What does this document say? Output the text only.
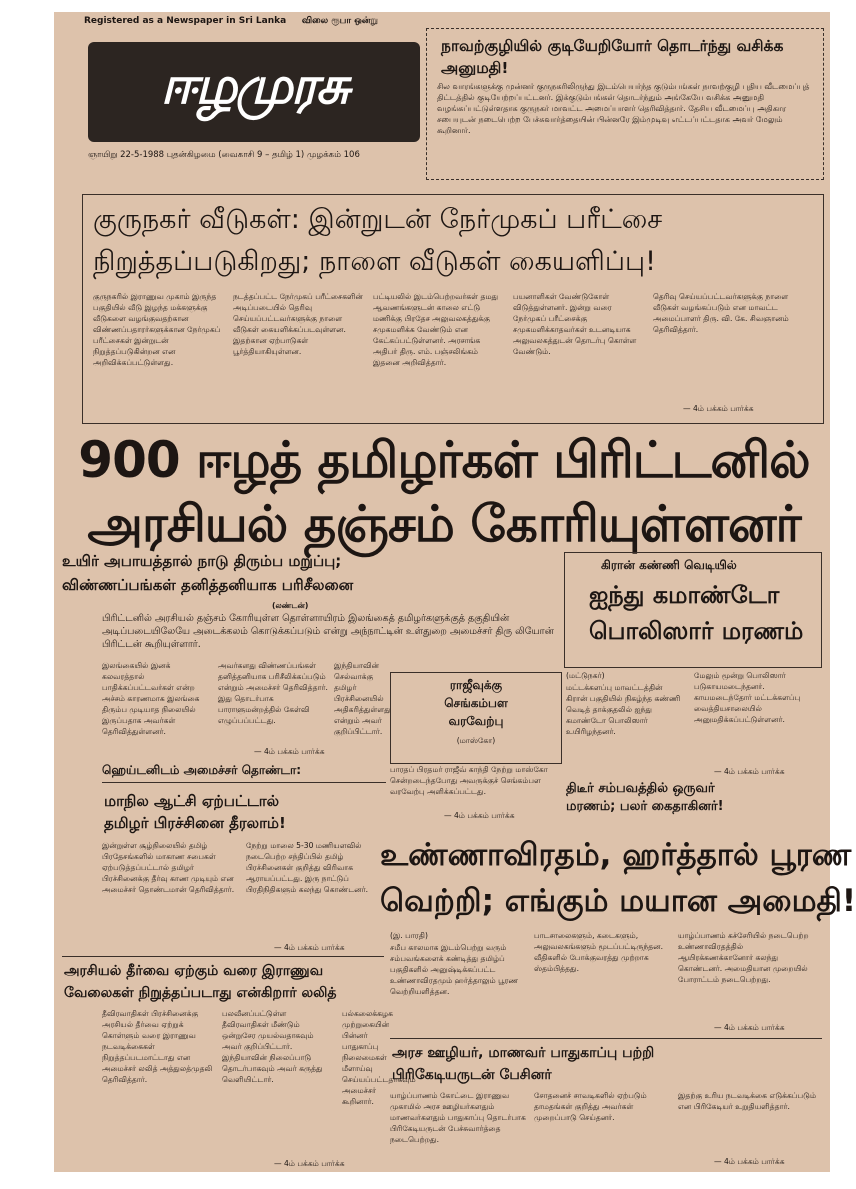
Registered as a Newspaper in Sri Lanka விலை ரூபா ஒன்று
ஈழமுரசு
ஞாயிறு 22-5-1988 புதன்கிழமை (வைகாசி 9 – தமிழ் 1) முழக்கம் 106
நாவற்குழியில் குடியேறியோர் தொடர்ந்து வசிக்க அனுமதி!
சில வாரங்களுக்கு முன்னர் குருநகரிலிருந்து இடம்பெயர்ந்த குடும்பங்கள் நாவற்குழி புதிய வீடமைப்புத் திட்டத்தில் குடியேற்றப்பட்டனர். இக்குடும்பங்கள் தொடர்ந்தும் அங்கேயே வசிக்க அனுமதி வழங்கப்பட்டுள்ளதாக குருநகர் மாவட்ட அமைப்பாளர் தெரிவித்தார். தேசிய வீடமைப்பு அதிகார சபையுடன் நடைபெற்ற பேச்சுவார்த்தையின் பின்னரே இம்முடிவு எட்டப்பட்டதாக அவர் மேலும் கூறினார்.
குருநகர் வீடுகள்: இன்றுடன் நேர்முகப் பரீட்சை
நிறுத்தப்படுகிறது; நாளை வீடுகள் கையளிப்பு!
குருநகரில் இராணுவ முகாம் இருந்த பகுதியில் வீடு இழந்த மக்களுக்கு வீடுகளை வழங்குவதற்கான விண்ணப்பதாரர்களுக்கான நேர்முகப் பரீட்சைகள் இன்றுடன் நிறுத்தப்படுகின்றன என அறிவிக்கப்பட்டுள்ளது.
நடத்தப்பட்ட நேர்முகப் பரீட்சைகளின் அடிப்படையில் தெரிவு செய்யப்பட்டவர்களுக்கு நாளை வீடுகள் கையளிக்கப்படவுள்ளன. இதற்கான ஏற்பாடுகள் பூர்த்தியாகியுள்ளன.
பட்டியலில் இடம்பெற்றவர்கள் தமது ஆவணங்களுடன் காலை எட்டு மணிக்கு பிரதேச அலுவலகத்துக்கு சமுகமளிக்க வேண்டும் என கேட்கப்பட்டுள்ளனர். அரசாங்க அதிபர் திரு. எம். பஞ்சலிங்கம் இதனை அறிவித்தார்.
பயனாளிகள் வேண்டுகோள் விடுத்துள்ளனர். இன்று வரை நேர்முகப் பரீட்சைக்கு சமுகமளிக்காதவர்கள் உடனடியாக அலுவலகத்துடன் தொடர்பு கொள்ள வேண்டும்.
தெரிவு செய்யப்பட்டவர்களுக்கு நாளை வீடுகள் வழங்கப்படும் என மாவட்ட அமைப்பாளர் திரு. வி. கே. சிவஞானம் தெரிவித்தார்.
— 4ம் பக்கம் பார்க்க
900 ஈழத் தமிழர்கள் பிரிட்டனில்
அரசியல் தஞ்சம் கோரியுள்ளனர்
உயிர் அபாயத்தால் நாடு திரும்ப மறுப்பு;
விண்ணப்பங்கள் தனித்தனியாக பரிசீலனை
(லண்டன்)
பிரிட்டனில் அரசியல் தஞ்சம் கோரியுள்ள தொள்ளாயிரம் இலங்கைத் தமிழர்களுக்குத் தகுதியின் அடிப்படையிலேயே அடைக்கலம் கொடுக்கப்படும் என்று அந்நாட்டின் உள்துறை அமைச்சர் திரு லியோன் பிரிட்டன் கூறியுள்ளார்.
இலங்கையில் இனக் கலவரத்தால் பாதிக்கப்பட்டவர்கள் என்ற அச்சம் காரணமாக இலங்கை திரும்ப முடியாத நிலையில் இருப்பதாக அவர்கள் தெரிவித்துள்ளனர்.
அவர்களது விண்ணப்பங்கள் தனித்தனியாக பரிசீலிக்கப்படும் என்றும் அமைச்சர் தெரிவித்தார். இது தொடர்பாக பாராளுமன்றத்தில் கேள்வி எழுப்பப்பட்டது.
இந்தியாவின் செல்வாக்கு தமிழர் பிரச்சினையில் அதிகரித்துள்ளது என்றும் அவர் குறிப்பிட்டார்.
— 4ம் பக்கம் பார்க்க
ஹெய்டனிடம் அமைச்சர் தொண்டா:
மாநில ஆட்சி ஏற்பட்டால்
தமிழர் பிரச்சினை தீரலாம்!
இன்றுள்ள சூழ்நிலையில் தமிழ் பிரதேசங்களில் மாகாண சபைகள் ஏற்படுத்தப்பட்டால் தமிழர் பிரச்சினைக்கு தீர்வு காண முடியும் என அமைச்சர் தொண்டமான் தெரிவித்தார்.
நேற்று மாலை 5-30 மணியளவில் நடைபெற்ற சந்திப்பில் தமிழ் பிரச்சினைகள் குறித்து விரிவாக ஆராயப்பட்டது. இரு நாட்டுப் பிரதிநிதிகளும் கலந்து கொண்டனர்.
— 4ம் பக்கம் பார்க்க
கிரான் கண்ணி வெடியில்
ஐந்து கமாண்டோ
பொலிஸார் மரணம்
(மட்டுநகர்)
மட்டக்களப்பு மாவட்டத்தின் கிரான் பகுதியில் நிகழ்ந்த கண்ணி வெடித் தாக்குதலில் ஐந்து கமாண்டோ பொலிஸார் உயிரிழந்தனர்.
மேலும் மூன்று பொலிஸார் படுகாயமடைந்தனர். காயமடைந்தோர் மட்டக்களப்பு வைத்தியசாலையில் அனுமதிக்கப்பட்டுள்ளனர்.
— 4ம் பக்கம் பார்க்க
ராஜீவுக்கு
செங்கம்பள
வரவேற்பு
(மாஸ்கோ)
பாரதப் பிரதமர் ராஜீவ் காந்தி நேற்று மாஸ்கோ சென்றடைந்தபோது அவருக்குச் செங்கம்பள வரவேற்பு அளிக்கப்பட்டது.
— 4ம் பக்கம் பார்க்க
திடீர் சம்பவத்தில் ஒருவர்
மரணம்; பலர் கைதாகினர்!
உண்ணாவிரதம், ஹர்த்தால் பூரண
வெற்றி; எங்கும் மயான அமைதி!
(இ. பாரதி)
சமீப காலமாக இடம்பெற்று வரும் சம்பவங்களைக் கண்டித்து தமிழ்ப் பகுதிகளில் அனுஷ்டிக்கப்பட்ட உண்ணாவிரதமும் ஹர்த்தாலும் பூரண வெற்றியளித்தன.
பாடசாலைகளும், கடைகளும், அலுவலகங்களும் மூடப்பட்டிருந்தன. வீதிகளில் போக்குவரத்து முற்றாக ஸ்தம்பித்தது.
யாழ்ப்பாணம் கச்சேரியில் நடைபெற்ற உண்ணாவிரதத்தில் ஆயிரக்கணக்கானோர் கலந்து கொண்டனர். அமைதியான முறையில் போராட்டம் நடைபெற்றது.
— 4ம் பக்கம் பார்க்க
அரசியல் தீர்வை ஏற்கும் வரை இராணுவ
வேலைகள் நிறுத்தப்படாது என்கிறார் லலித்
தீவிரவாதிகள் பிரச்சினைக்கு அரசியல் தீர்வை ஏற்றுக் கொள்ளும் வரை இராணுவ நடவடிக்கைகள் நிறுத்தப்படமாட்டாது என அமைச்சர் லலித் அத்துலத்முதலி தெரிவித்தார்.
பலவீனப்பட்டுள்ள தீவிரவாதிகள் மீண்டும் ஒன்றுசேர முயல்வதாகவும் அவர் குறிப்பிட்டார். இந்தியாவின் நிலைப்பாடு தொடர்பாகவும் அவர் கருத்து வெளியிட்டார்.
பல்கலைக்கழக முற்றுகையின் பின்னர் பாதுகாப்பு நிலைமைகள் மீளாய்வு செய்யப்பட்டதாகவும் அமைச்சர் கூறினார்.
— 4ம் பக்கம் பார்க்க
அரச ஊழியர், மாணவர் பாதுகாப்பு பற்றி
பிரிகேடியருடன் பேசினர்
யாழ்ப்பாணம் கோட்டை இராணுவ முகாமில் அரச ஊழியர்களதும் மாணவர்களதும் பாதுகாப்பு தொடர்பாக பிரிகேடியருடன் பேச்சுவார்த்தை நடைபெற்றது.
சோதனைச் சாவடிகளில் ஏற்படும் தாமதங்கள் குறித்து அவர்கள் முறைப்பாடு செய்தனர்.
இதற்கு உரிய நடவடிக்கை எடுக்கப்படும் என பிரிகேடியர் உறுதியளித்தார்.
— 4ம் பக்கம் பார்க்க
